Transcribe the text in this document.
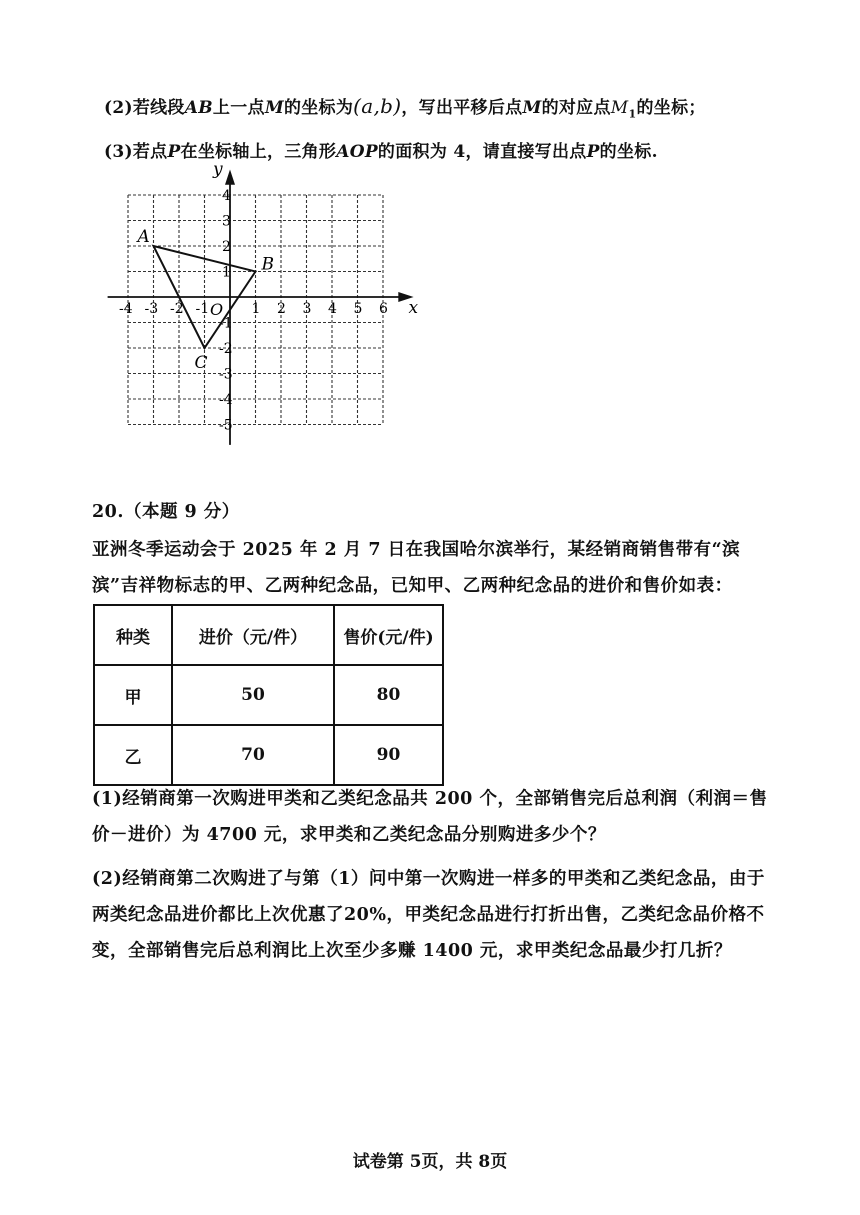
(2)若线段AB上一点M的坐标为(a,b)，写出平移后点M的对应点$M_1$的坐标；
(3)若点P在坐标轴上，三角形AOP的面积为 4，请直接写出点P的坐标.
x
y
-4 -3 -2 -1	1 2 3 4 5 6
4
3
2
1
-1
-2
-3
-4
-5
O
A
B
C
20.（本题 9 分）
亚洲冬季运动会于 2025 年 2 月 7 日在我国哈尔滨举行，某经销商销售带有“滨滨”吉祥物标志的甲、乙两种纪念品，已知甲、乙两种纪念品的进价和售价如表：
种类	进价（元/件）	售价(元/件)
甲	50	80
乙	70	90
(1)经销商第一次购进甲类和乙类纪念品共 200 个，全部销售完后总利润（利润＝售价－进价）为 4700 元，求甲类和乙类纪念品分别购进多少个？
(2)经销商第二次购进了与第（1）问中第一次购进一样多的甲类和乙类纪念品，由于两类纪念品进价都比上次优惠了20%，甲类纪念品进行打折出售，乙类纪念品价格不变，全部销售完后总利润比上次至少多赚 1400 元，求甲类纪念品最少打几折？
试卷第 5页，共 8页
